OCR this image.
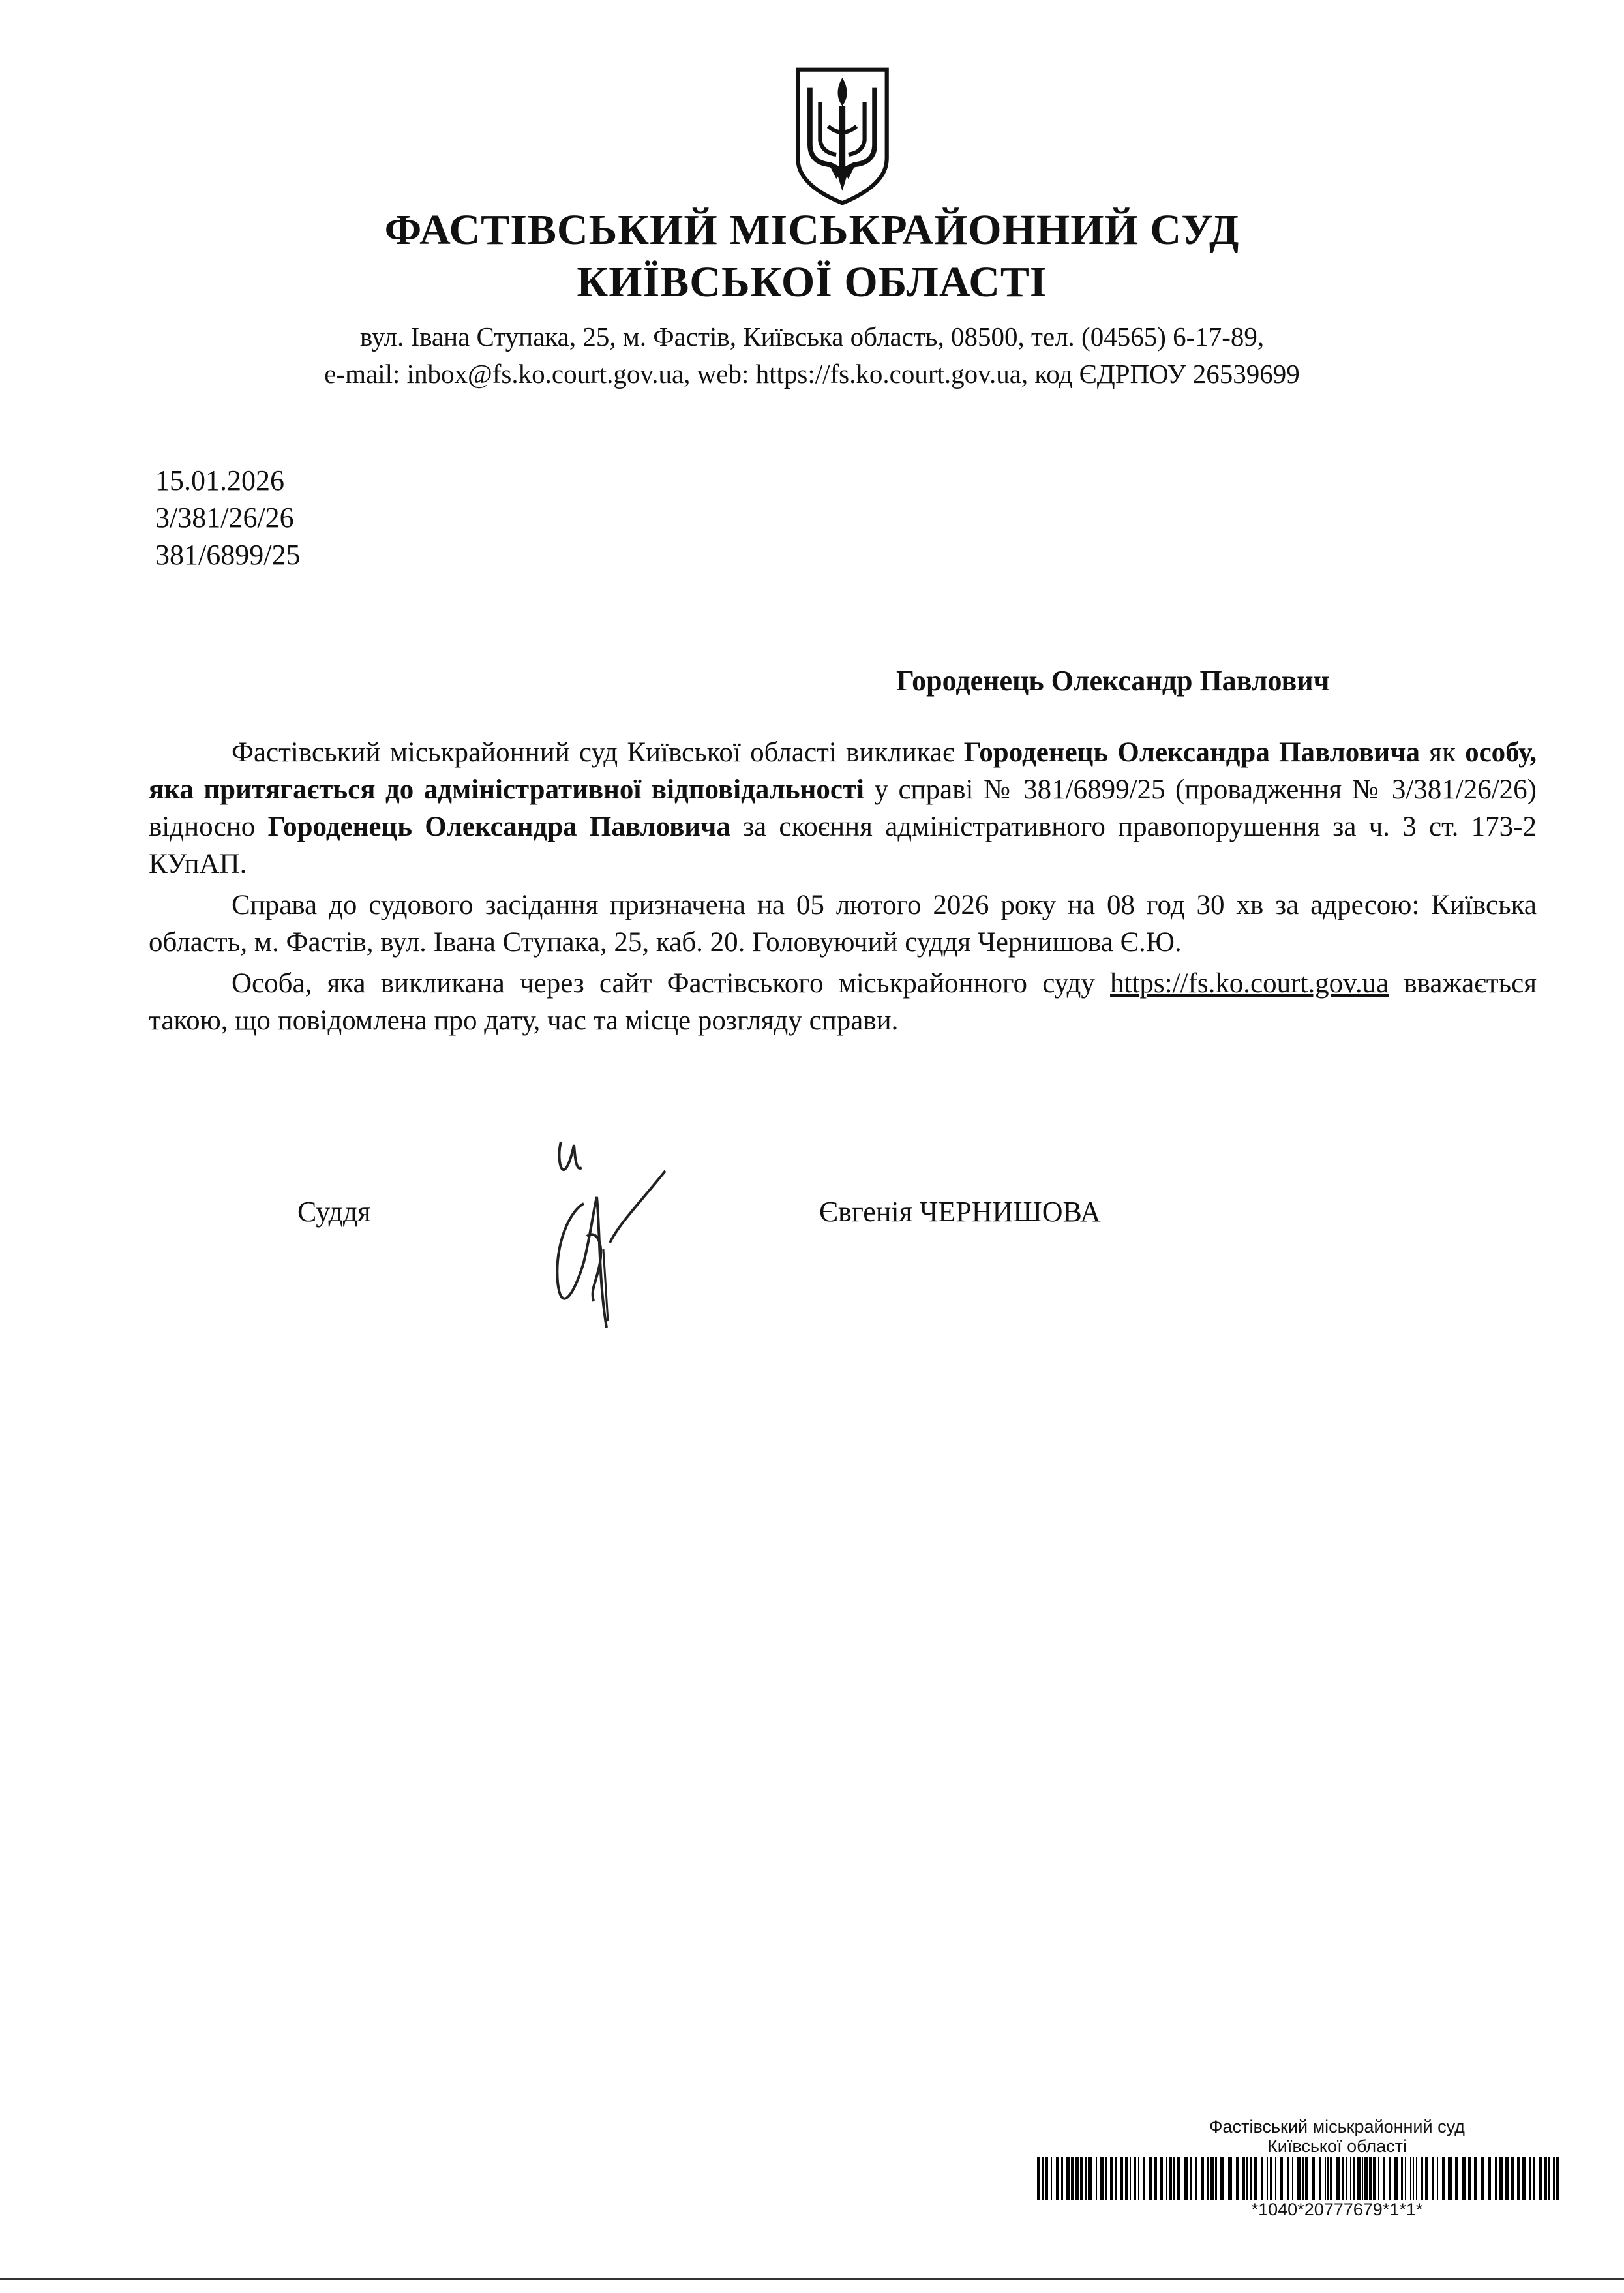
ФАСТІВСЬКИЙ МІСЬКРАЙОННИЙ СУД
КИЇВСЬКОЇ ОБЛАСТІ
вул. Івана Ступака, 25, м. Фастів, Київська область, 08500, тел. (04565) 6-17-89,
e-mail: inbox@fs.ko.court.gov.ua, web: https://fs.ko.court.gov.ua, код ЄДРПОУ 26539699
15.01.2026
3/381/26/26
381/6899/25
Городенець Олександр Павлович

Фастівський міськрайонний суд Київської області викликає Городенець Олександра Павловича як особу, яка притягається до адміністративної відповідальності у справі № 381/6899/25 (провадження № 3/381/26/26) відносно Городенець Олександра Павловича за скоєння адміністративного правопорушення за ч. 3 ст. 173-2 КУпАП.

Справа до судового засідання призначена на 05 лютого 2026 року на 08 год 30 хв за адресою: Київська область, м. Фастів, вул. Івана Ступака, 25, каб. 20. Головуючий суддя Чернишова Є.Ю.

Особа, яка викликана через сайт Фастівського міськрайонного суду https://fs.ko.court.gov.ua вважається такою, що повідомлена про дату, час та місце розгляду справи.

Суддя	Євгенія ЧЕРНИШОВА
Фастівський міськрайонний суд
Київської області
*1040*20777679*1*1*
